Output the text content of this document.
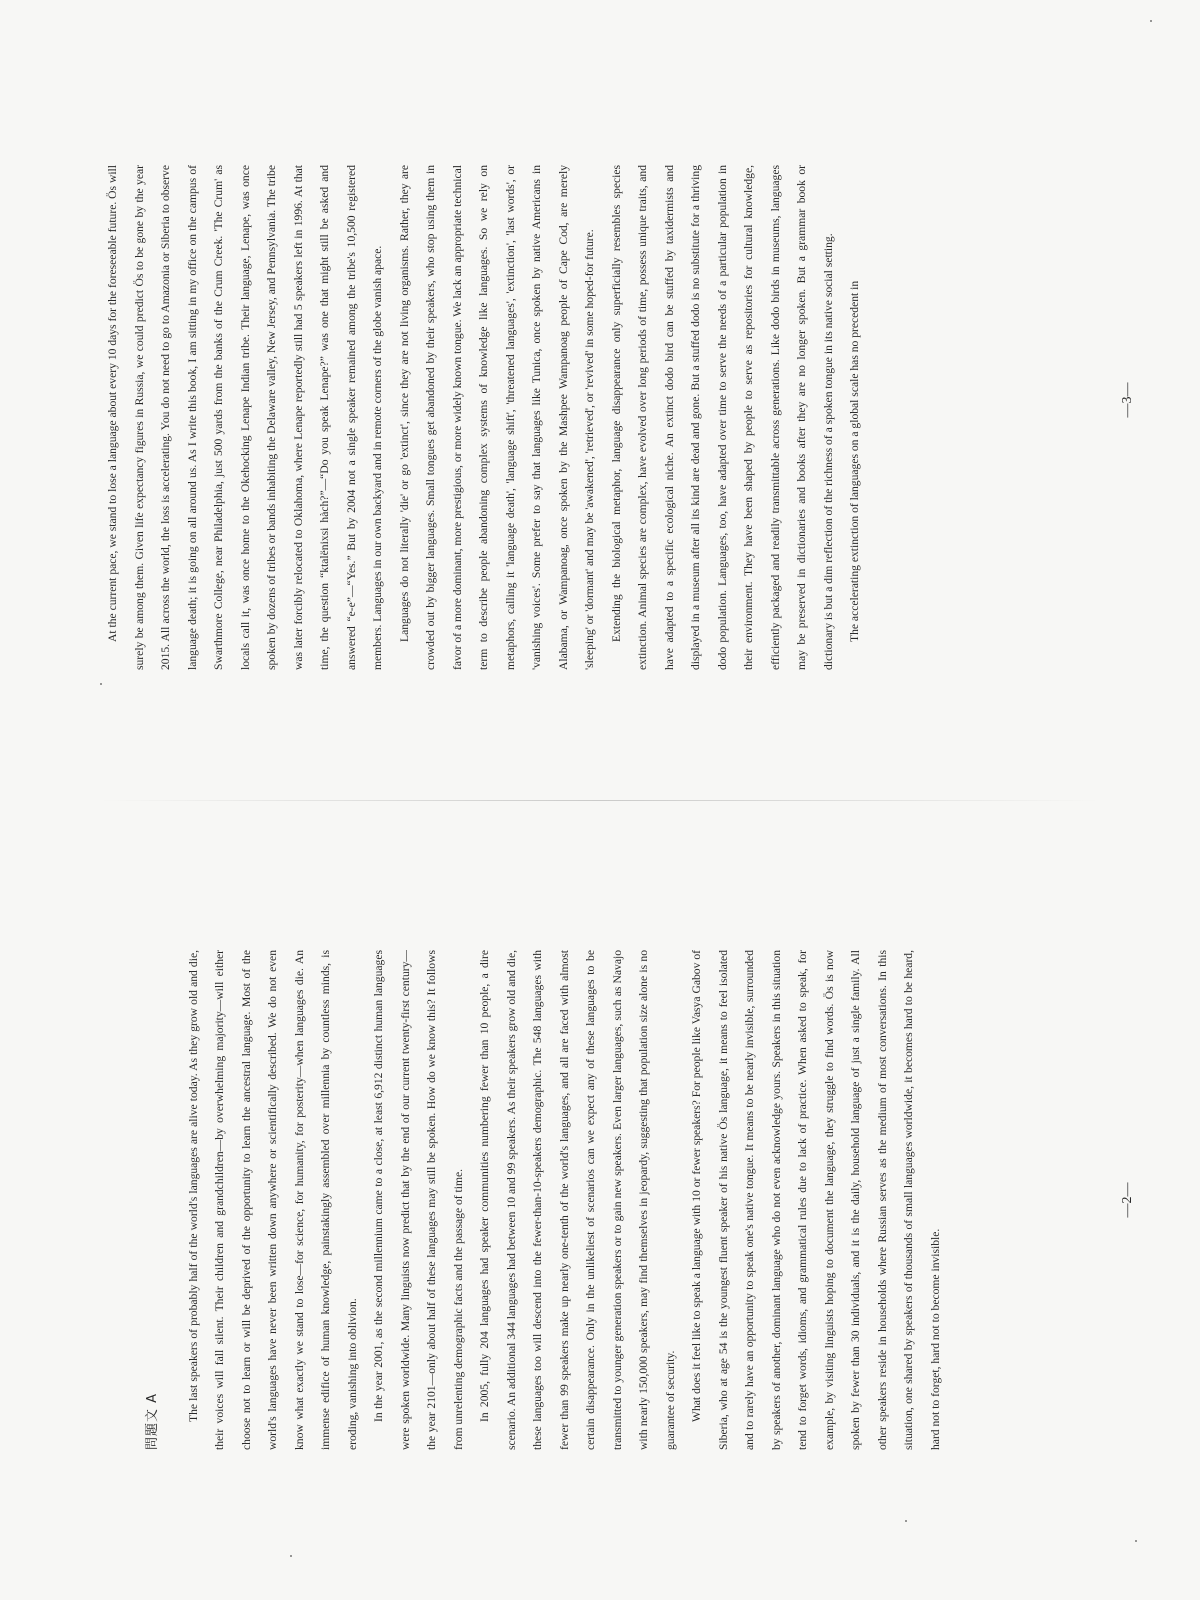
問題文 A	The last speakers of probably half of the world's languages are alive today. As they grow old and die, their voices will fall silent. Their children and grandchildren—by overwhelming majority—will either choose not to learn or will be deprived of the opportunity to learn the ancestral language. Most of the world's languages have never been written down anywhere or scientifically described. We do not even know what exactly we stand to lose—for science, for humanity, for posterity—when languages die. An immense edifice of human knowledge, painstakingly assembled over millennia by countless minds, is eroding, vanishing into oblivion.	In the year 2001, as the second millennium came to a close, at least 6,912 distinct human languages were spoken worldwide. Many linguists now predict that by the end of our current twenty-first century—the year 2101—only about half of these languages may still be spoken. How do we know this? It follows from unrelenting demographic facts and the passage of time.	In 2005, fully 204 languages had speaker communities numbering fewer than 10 people, a dire scenario. An additional 344 languages had between 10 and 99 speakers. As their speakers grow old and die, these languages too will descend into the fewer-than-10-speakers demographic. The 548 languages with fewer than 99 speakers make up nearly one-tenth of the world's languages, and all are faced with almost certain disappearance. Only in the unlikeliest of scenarios can we expect any of these languages to be transmitted to younger generation speakers or to gain new speakers. Even larger languages, such as Navajo with nearly 150,000 speakers, may find themselves in jeopardy, suggesting that population size alone is no guarantee of security.	What does it feel like to speak a language with 10 or fewer speakers? For people like Vasya Gabov of Siberia, who at age 54 is the youngest fluent speaker of his native Ös language, it means to feel isolated and to rarely have an opportunity to speak one's native tongue. It means to be nearly invisible, surrounded by speakers of another, dominant language who do not even acknowledge yours. Speakers in this situation tend to forget words, idioms, and grammatical rules due to lack of practice. When asked to speak, for example, by visiting linguists hoping to document the language, they struggle to find words. Ös is now spoken by fewer than 30 individuals, and it is the daily, household language of just a single family. All other speakers reside in households where Russian serves as the medium of most conversations. In this situation, one shared by speakers of thousands of small languages worldwide, it becomes hard to be heard, hard not to forget, hard not to become invisible.

—2—

At the current pace, we stand to lose a language about every 10 days for the foreseeable future. Ös will surely be among them. Given life expectancy figures in Russia, we could predict Ös to be gone by the year 2015. All across the world, the loss is accelerating. You do not need to go to Amazonia or Siberia to observe language death; it is going on all around us. As I write this book, I am sitting in my office on the campus of Swarthmore College, near Philadelphia, just 500 yards from the banks of the Crum Creek. 'The Crum' as locals call it, was once home to the Okehocking Lenape Indian tribe. Their language, Lenape, was once spoken by dozens of tribes or bands inhabiting the Delaware valley, New Jersey, and Pennsylvania. The tribe was later forcibly relocated to Oklahoma, where Lenape reportedly still had 5 speakers left in 1996. At that time, the question “ktalënixsi hàch?”—“Do you speak Lenape?” was one that might still be asked and answered “e-e”—“Yes.” But by 2004 not a single speaker remained among the tribe's 10,500 registered members. Languages in our own backyard and in remote corners of the globe vanish apace.	Languages do not literally 'die' or go 'extinct', since they are not living organisms. Rather, they are crowded out by bigger languages. Small tongues get abandoned by their speakers, who stop using them in favor of a more dominant, more prestigious, or more widely known tongue. We lack an appropriate technical term to describe people abandoning complex systems of knowledge like languages. So we rely on metaphors, calling it 'language death', 'language shift', 'threatened languages', 'extinction', 'last words', or 'vanishing voices'. Some prefer to say that languages like Tunica, once spoken by native Americans in Alabama, or Wampanoag, once spoken by the Mashpee Wampanoag people of Cape Cod, are merely 'sleeping' or 'dormant' and may be 'awakened', 'retrieved', or 'revived' in some hoped-for future.	Extending the biological metaphor, language disappearance only superficially resembles species extinction. Animal species are complex, have evolved over long periods of time, possess unique traits, and have adapted to a specific ecological niche. An extinct dodo bird can be stuffed by taxidermists and displayed in a museum after all its kind are dead and gone. But a stuffed dodo is no substitute for a thriving dodo population. Languages, too, have adapted over time to serve the needs of a particular population in their environment. They have been shaped by people to serve as repositories for cultural knowledge, efficiently packaged and readily transmittable across generations. Like dodo birds in museums, languages may be preserved in dictionaries and books after they are no longer spoken. But a grammar book or dictionary is but a dim reflection of the richness of a spoken tongue in its native social setting.	The accelerating extinction of languages on a global scale has no precedent in	—3—
